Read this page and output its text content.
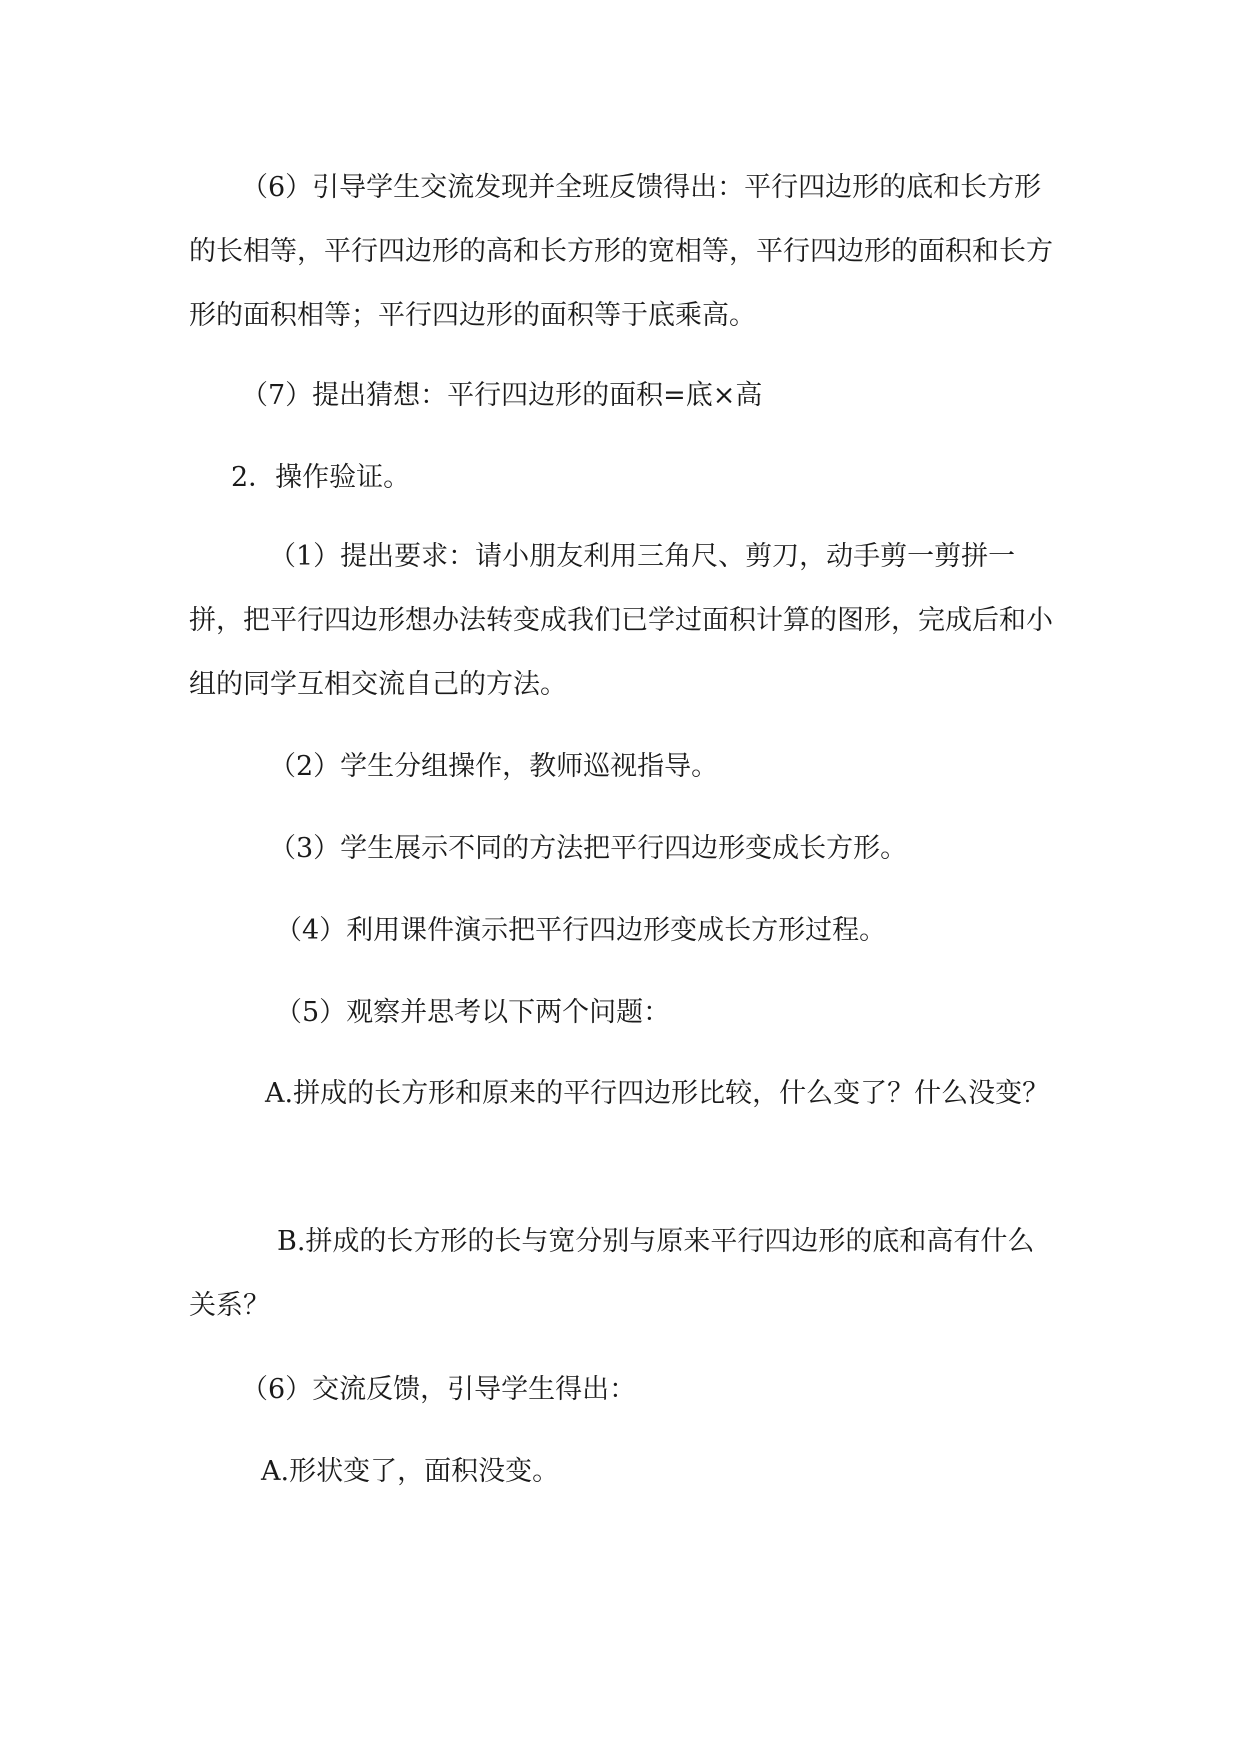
（6）引导学生交流发现并全班反馈得出：平行四边形的底和长方形的长相等，平行四边形的高和长方形的宽相等，平行四边形的面积和长方形的面积相等；平行四边形的面积等于底乘高。

（7）提出猜想：平行四边形的面积=底×高

2．操作验证。

（1）提出要求：请小朋友利用三角尺、剪刀，动手剪一剪拼一拼，把平行四边形想办法转变成我们已学过面积计算的图形，完成后和小组的同学互相交流自己的方法。

（2）学生分组操作，教师巡视指导。

（3）学生展示不同的方法把平行四边形变成长方形。

（4）利用课件演示把平行四边形变成长方形过程。

（5）观察并思考以下两个问题：

A.拼成的长方形和原来的平行四边形比较，什么变了？什么没变？

B.拼成的长方形的长与宽分别与原来平行四边形的底和高有什么关系？

（6）交流反馈，引导学生得出：

A.形状变了，面积没变。
